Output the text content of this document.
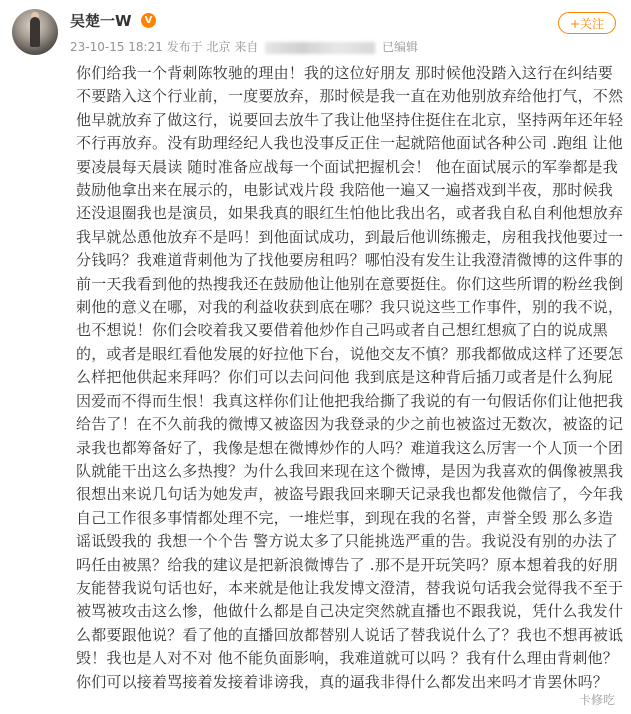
吴楚一W	V
23-10-15 18:21 发布于 北京 来自	已编辑
+关注

你们给我一个背刺陈牧驰的理由！我的这位好朋友 那时候他没踏入这行在纠结要不要踏入这个行业前，一度要放弃，那时候是我一直在劝他别放弃给他打气，不然他早就放弃了做这行，说要回去放牛了我让他坚持住挺住在北京，坚持两年还年轻不行再放弃。没有助理经纪人我也没事反正住一起就陪他面试各种公司 .跑组 让他要凌晨每天晨读 随时准备应战每一个面试把握机会！ 他在面试展示的军拳都是我鼓励他拿出来在展示的，电影试戏片段 我陪他一遍又一遍搭戏到半夜，那时候我还没退圈我也是演员，如果我真的眼红生怕他比我出名，或者我自私自利他想放弃我早就怂恿他放弃不是吗！到他面试成功，到最后他训练搬走，房租我找他要过一分钱吗？我难道背刺他为了找他要房租吗？哪怕没有发生让我澄清微博的这件事的前一天我看到他的热搜我还在鼓励他让他别在意要挺住。你们这些所谓的粉丝我倒刺他的意义在哪，对我的利益收获到底在哪？我只说这些工作事件，别的我不说，也不想说！你们会咬着我又要借着他炒作自己吗或者自己想红想疯了白的说成黑的，或者是眼红看他发展的好拉他下台，说他交友不慎？那我都做成这样了还要怎么样把他供起来拜吗？你们可以去问问他 我到底是这种背后插刀或者是什么狗屁因爱而不得而生恨！我真这样你们让他把我给撕了我说的有一句假话你们让他把我给告了！在不久前我的微博又被盗因为我登录的少之前也被盗过无数次，被盗的记录我也都筹备好了，我像是想在微博炒作的人吗？难道我这么厉害一个人顶一个团队就能干出这么多热搜？为什么我回来现在这个微博，是因为我喜欢的偶像被黑我很想出来说几句话为她发声，被盗号跟我回来聊天记录我也都发他微信了，今年我自己工作很多事情都处理不完，一堆烂事，到现在我的名誉，声誉全毁 那么多造谣诋毁我的 我想一个个告 警方说太多了只能挑选严重的告。我说没有别的办法了吗任由被黑？给我的建议是把新浪微博告了 .那不是开玩笑吗？原本想着我的好朋友能替我说句话也好，本来就是他让我发博文澄清，替我说句话我会觉得我不至于被骂被攻击这么惨，他做什么都是自己决定突然就直播也不跟我说，凭什么我发什么都要跟他说？看了他的直播回放都替别人说话了替我说什么了？我也不想再被诋毁！我也是人对不对 他不能负面影响，我难道就可以吗 ？我有什么理由背刺他？你们可以接着骂接着发接着诽谤我，真的逼我非得什么都发出来吗才肯罢休吗？

卡修吃
